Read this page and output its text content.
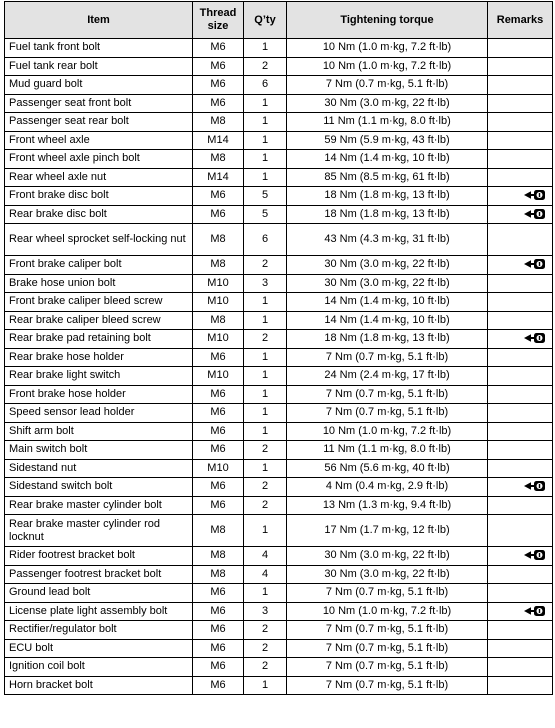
Item	Thread size	Q’ty	Tightening torque	Remarks
Fuel tank front bolt	M6	1	10 Nm (1.0 m·kg, 7.2 ft·lb)	
Fuel tank rear bolt	M6	2	10 Nm (1.0 m·kg, 7.2 ft·lb)	
Mud guard bolt	M6	6	7 Nm (0.7 m·kg, 5.1 ft·lb)	
Passenger seat front bolt	M6	1	30 Nm (3.0 m·kg, 22 ft·lb)	
Passenger seat rear bolt	M8	1	11 Nm (1.1 m·kg, 8.0 ft·lb)	
Front wheel axle	M14	1	59 Nm (5.9 m·kg, 43 ft·lb)	
Front wheel axle pinch bolt	M8	1	14 Nm (1.4 m·kg, 10 ft·lb)	
Rear wheel axle nut	M14	1	85 Nm (8.5 m·kg, 61 ft·lb)	
Front brake disc bolt	M6	5	18 Nm (1.8 m·kg, 13 ft·lb)	
Rear brake disc bolt	M6	5	18 Nm (1.8 m·kg, 13 ft·lb)	
Rear wheel sprocket self-locking nut	M8	6	43 Nm (4.3 m·kg, 31 ft·lb)	
Front brake caliper bolt	M8	2	30 Nm (3.0 m·kg, 22 ft·lb)	
Brake hose union bolt	M10	3	30 Nm (3.0 m·kg, 22 ft·lb)	
Front brake caliper bleed screw	M10	1	14 Nm (1.4 m·kg, 10 ft·lb)	
Rear brake caliper bleed screw	M8	1	14 Nm (1.4 m·kg, 10 ft·lb)	
Rear brake pad retaining bolt	M10	2	18 Nm (1.8 m·kg, 13 ft·lb)	
Rear brake hose holder	M6	1	7 Nm (0.7 m·kg, 5.1 ft·lb)	
Rear brake light switch	M10	1	24 Nm (2.4 m·kg, 17 ft·lb)	
Front brake hose holder	M6	1	7 Nm (0.7 m·kg, 5.1 ft·lb)	
Speed sensor lead holder	M6	1	7 Nm (0.7 m·kg, 5.1 ft·lb)	
Shift arm bolt	M6	1	10 Nm (1.0 m·kg, 7.2 ft·lb)	
Main switch bolt	M6	2	11 Nm (1.1 m·kg, 8.0 ft·lb)	
Sidestand nut	M10	1	56 Nm (5.6 m·kg, 40 ft·lb)	
Sidestand switch bolt	M6	2	4 Nm (0.4 m·kg, 2.9 ft·lb)	
Rear brake master cylinder bolt	M6	2	13 Nm (1.3 m·kg, 9.4 ft·lb)	
Rear brake master cylinder rod locknut	M8	1	17 Nm (1.7 m·kg, 12 ft·lb)	
Rider footrest bracket bolt	M8	4	30 Nm (3.0 m·kg, 22 ft·lb)	
Passenger footrest bracket bolt	M8	4	30 Nm (3.0 m·kg, 22 ft·lb)	
Ground lead bolt	M6	1	7 Nm (0.7 m·kg, 5.1 ft·lb)	
License plate light assembly bolt	M6	3	10 Nm (1.0 m·kg, 7.2 ft·lb)	
Rectifier/regulator bolt	M6	2	7 Nm (0.7 m·kg, 5.1 ft·lb)	
ECU bolt	M6	2	7 Nm (0.7 m·kg, 5.1 ft·lb)	
Ignition coil bolt	M6	2	7 Nm (0.7 m·kg, 5.1 ft·lb)	
Horn bracket bolt	M6	1	7 Nm (0.7 m·kg, 5.1 ft·lb)	
